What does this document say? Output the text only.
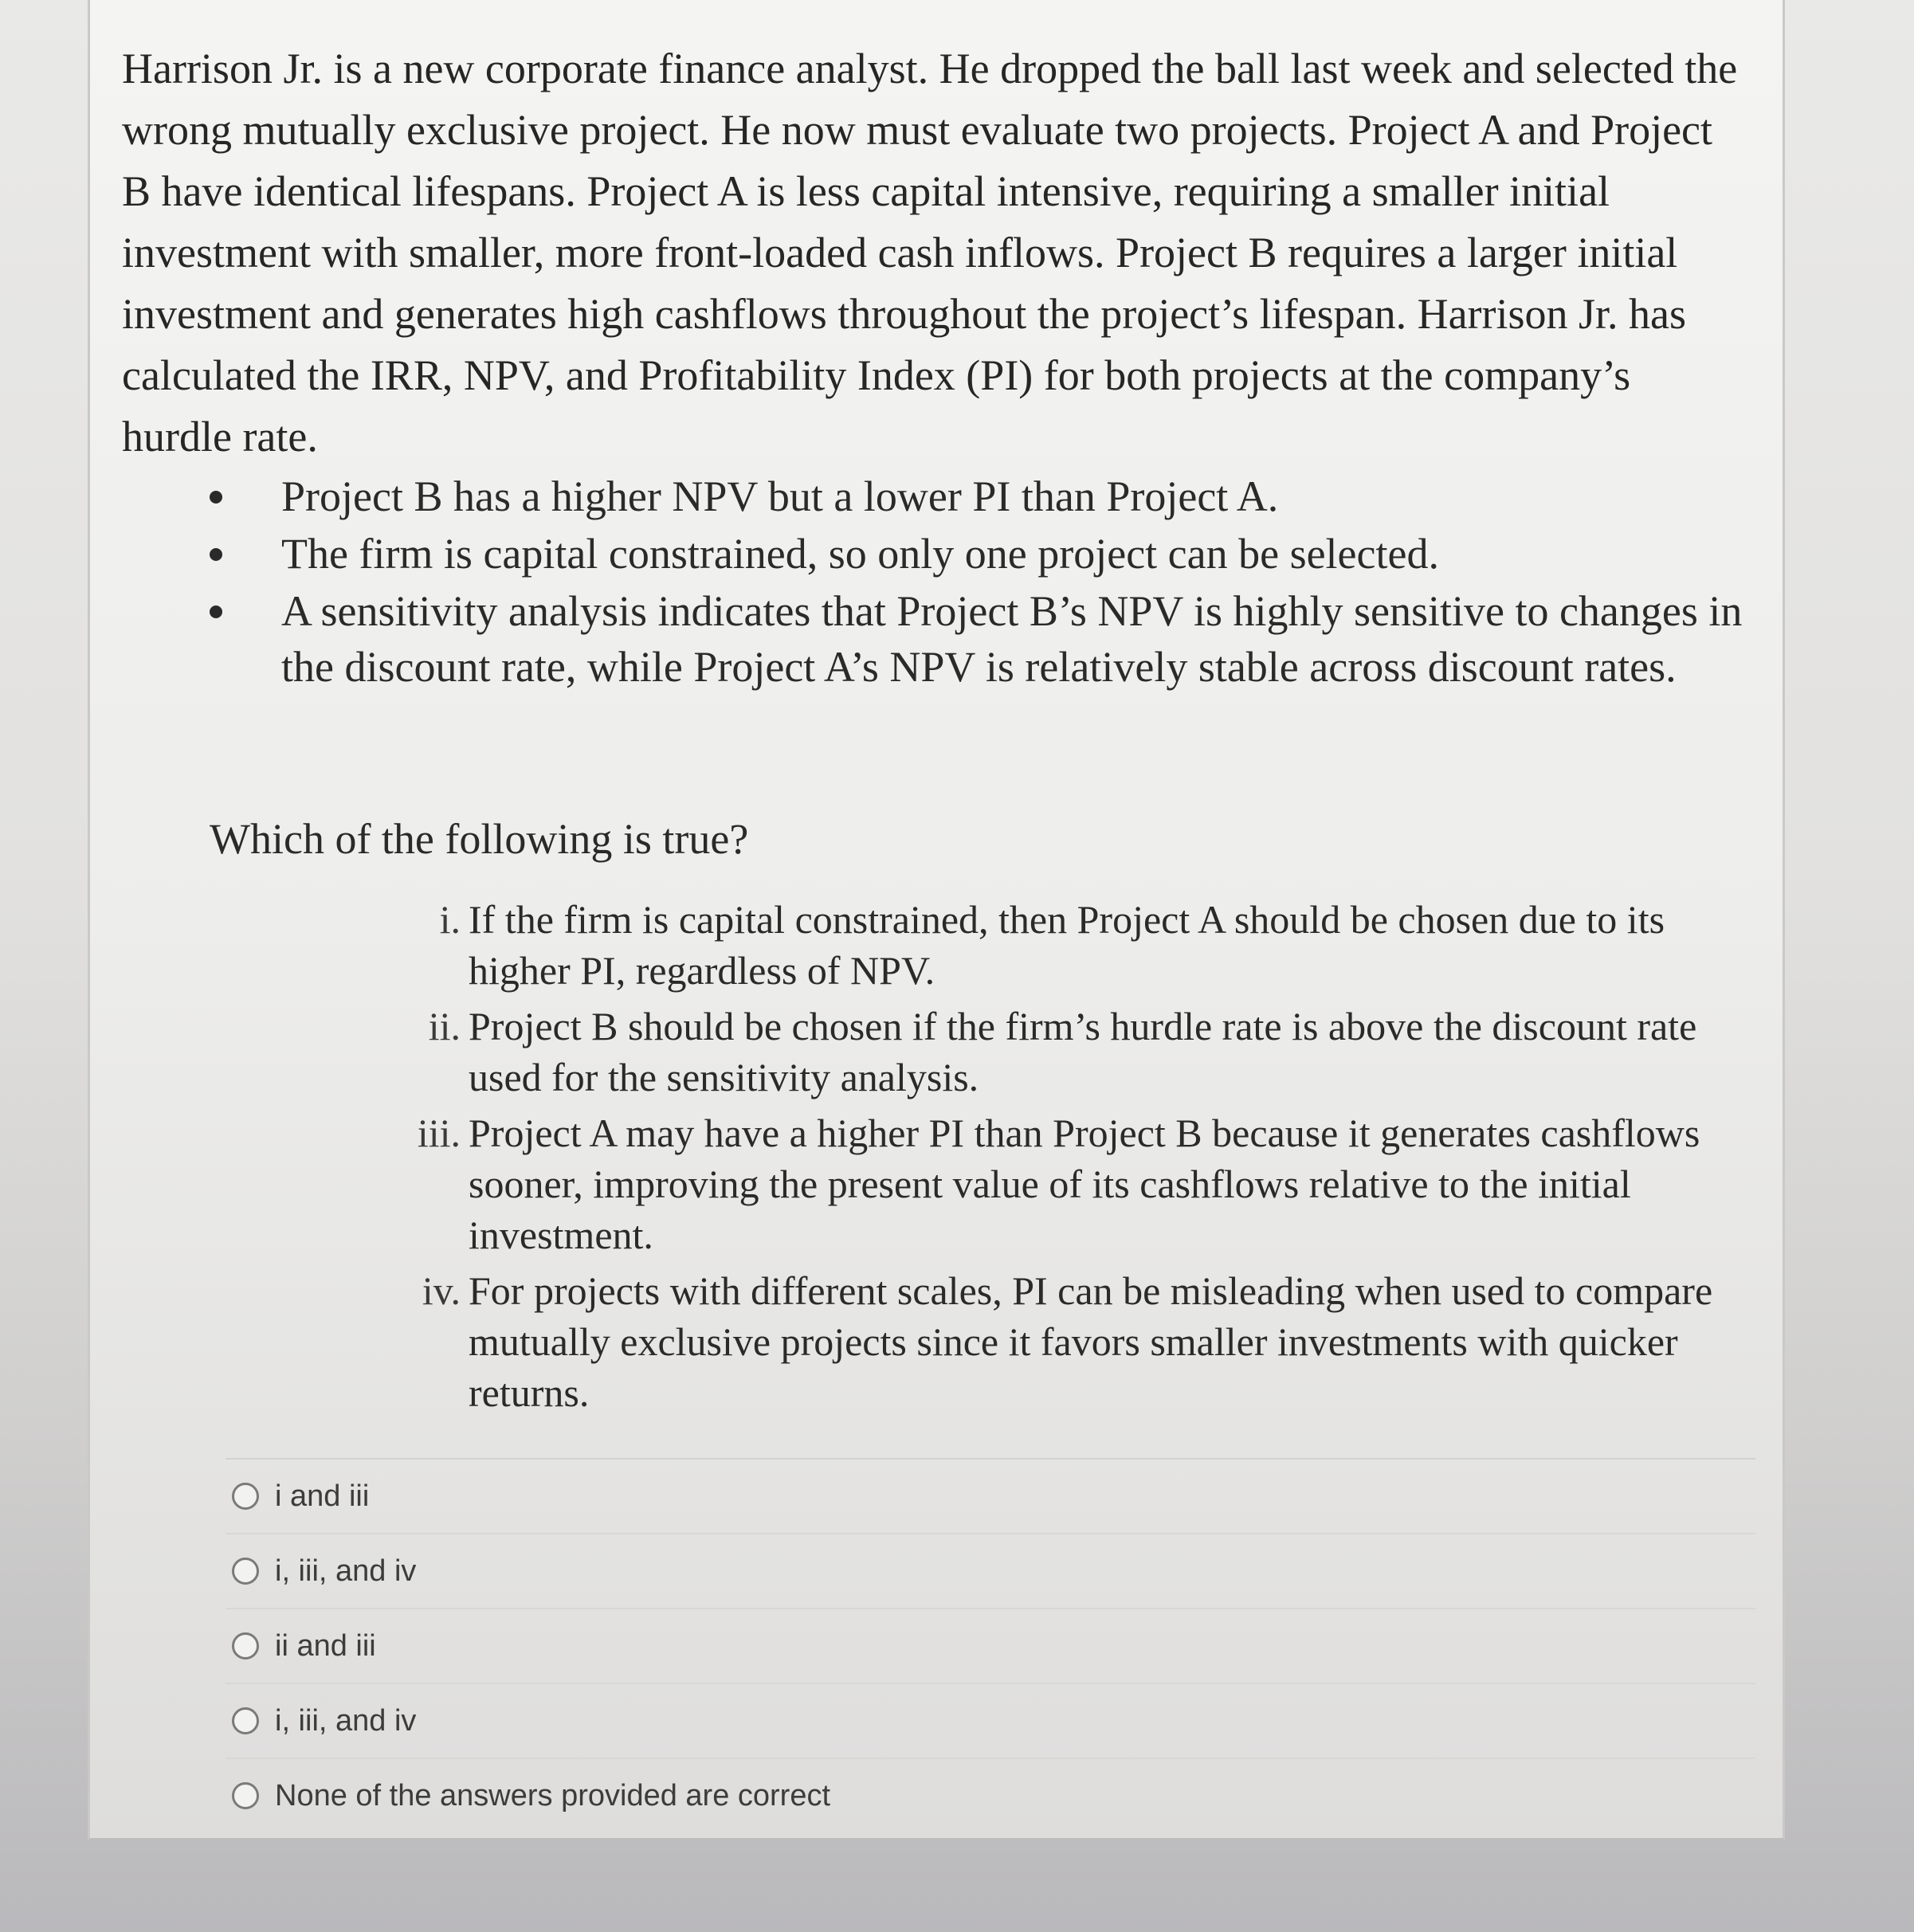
Harrison Jr. is a new corporate finance analyst. He dropped the ball last week and selected the wrong mutually exclusive project. He now must evaluate two projects. Project A and Project B have identical lifespans. Project A is less capital intensive, requiring a smaller initial investment with smaller, more front-loaded cash inflows. Project B requires a larger initial investment and generates high cashflows throughout the project’s lifespan. Harrison Jr. has calculated the IRR, NPV, and Profitability Index (PI) for both projects at the company’s hurdle rate.

Project B has a higher NPV but a lower PI than Project A.
The firm is capital constrained, so only one project can be selected.
A sensitivity analysis indicates that Project B’s NPV is highly sensitive to changes in the discount rate, while Project A’s NPV is relatively stable across discount rates.
Which of the following is true?
i. If the firm is capital constrained, then Project A should be chosen due to its higher PI, regardless of NPV.
ii. Project B should be chosen if the firm’s hurdle rate is above the discount rate used for the sensitivity analysis.
iii. Project A may have a higher PI than Project B because it generates cashflows sooner, improving the present value of its cashflows relative to the initial investment.
iv. For projects with different scales, PI can be misleading when used to compare mutually exclusive projects since it favors smaller investments with quicker returns.
i and iii
i, iii, and iv
ii and iii
i, iii, and iv
None of the answers provided are correct
